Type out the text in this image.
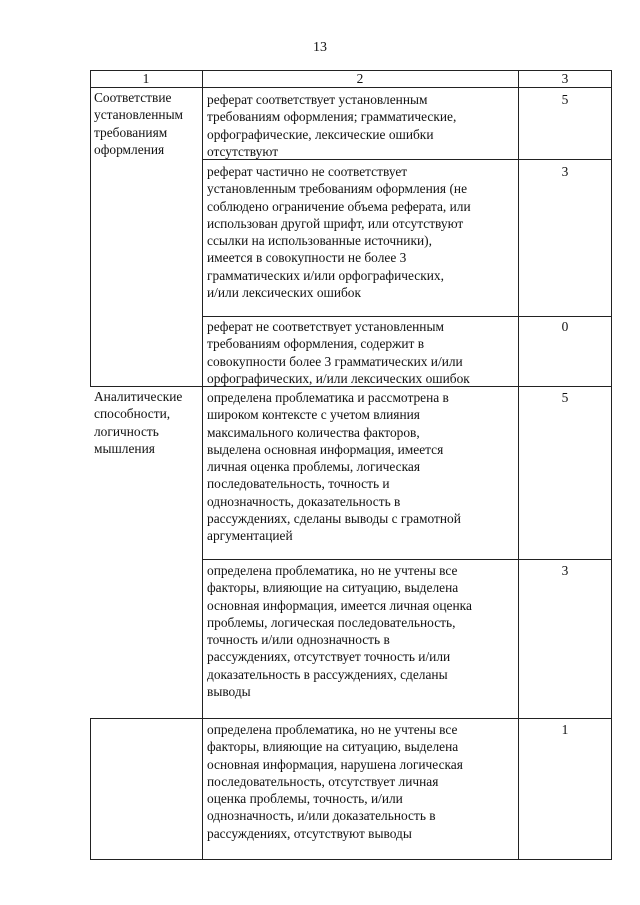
13
1	2	3
Соответствие
установленным
требованиям
оформления
реферат соответствует установленным
требованиям оформления; грамматические,
орфографические, лексические ошибки
отсутствуют
5
реферат частично не соответствует
установленным требованиям оформления (не
соблюдено ограничение объема реферата, или
использован другой шрифт, или отсутствуют
ссылки на использованные источники),
имеется в совокупности не более 3
грамматических и/или орфографических,
и/или лексических ошибок
3
реферат не соответствует установленным
требованиям оформления, содержит в
совокупности более 3 грамматических и/или
орфографических, и/или лексических ошибок
0
Аналитические
способности,
логичность
мышления
определена проблематика и рассмотрена в
широком контексте с учетом влияния
максимального количества факторов,
выделена основная информация, имеется
личная оценка проблемы, логическая
последовательность, точность и
однозначность, доказательность в
рассуждениях, сделаны выводы с грамотной
аргументацией
5
определена проблематика, но не учтены все
факторы, влияющие на ситуацию, выделена
основная информация, имеется личная оценка
проблемы, логическая последовательность,
точность и/или однозначность в
рассуждениях, отсутствует точность и/или
доказательность в рассуждениях, сделаны
выводы
3
определена проблематика, но не учтены все
факторы, влияющие на ситуацию, выделена
основная информация, нарушена логическая
последовательность, отсутствует личная
оценка проблемы, точность, и/или
однозначность, и/или доказательность в
рассуждениях, отсутствуют выводы
1
